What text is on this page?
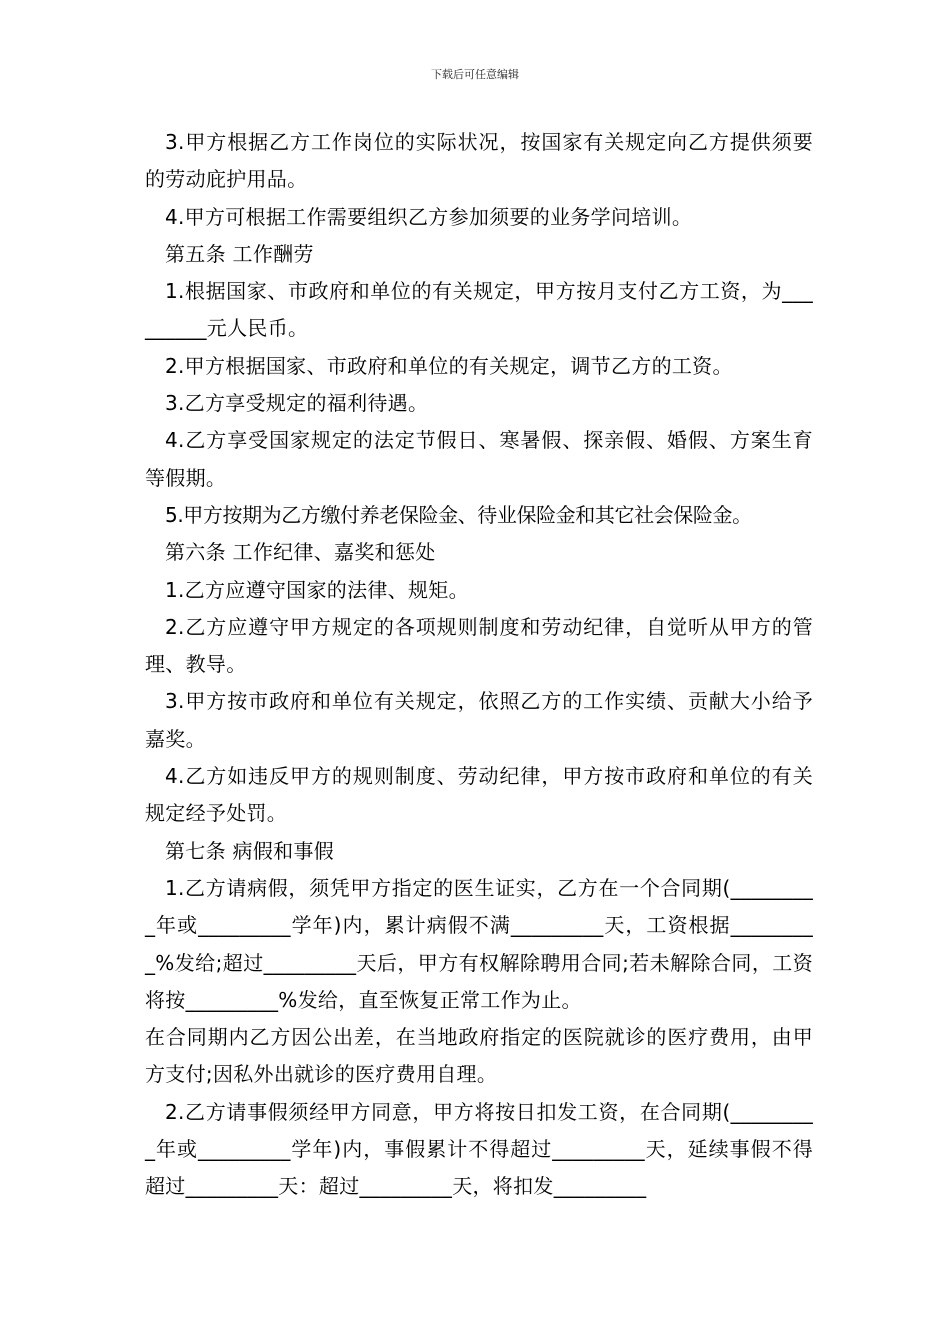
下载后可任意编辑

3.甲方根据乙方工作岗位的实际状况，按国家有关规定向乙方提供须要的劳动庇护用品。

4.甲方可根据工作需要组织乙方参加须要的业务学问培训。

第五条 工作酬劳

1.根据国家、市政府和单位的有关规定，甲方按月支付乙方工资，为_________元人民币。

2.甲方根据国家、市政府和单位的有关规定，调节乙方的工资。

3.乙方享受规定的福利待遇。

4.乙方享受国家规定的法定节假日、寒暑假、探亲假、婚假、方案生育等假期。

5.甲方按期为乙方缴付养老保险金、待业保险金和其它社会保险金。

第六条 工作纪律、嘉奖和惩处

1.乙方应遵守国家的法律、规矩。

2.乙方应遵守甲方规定的各项规则制度和劳动纪律，自觉听从甲方的管理、教导。

3.甲方按市政府和单位有关规定，依照乙方的工作实绩、贡献大小给予嘉奖。

4.乙方如违反甲方的规则制度、劳动纪律，甲方按市政府和单位的有关规定经予处罚。

第七条 病假和事假

1.乙方请病假，须凭甲方指定的医生证实，乙方在一个合同期(_________年或_________学年)内，累计病假不满_________天，工资根据_________%发给;超过_________天后，甲方有权解除聘用合同;若未解除合同，工资将按_________%发给，直至恢复正常工作为止。

在合同期内乙方因公出差，在当地政府指定的医院就诊的医疗费用，由甲方支付;因私外出就诊的医疗费用自理。

2.乙方请事假须经甲方同意，甲方将按日扣发工资，在合同期(_________年或_________学年)内，事假累计不得超过_________天，延续事假不得超过_________天：超过_________天，将扣发_________
